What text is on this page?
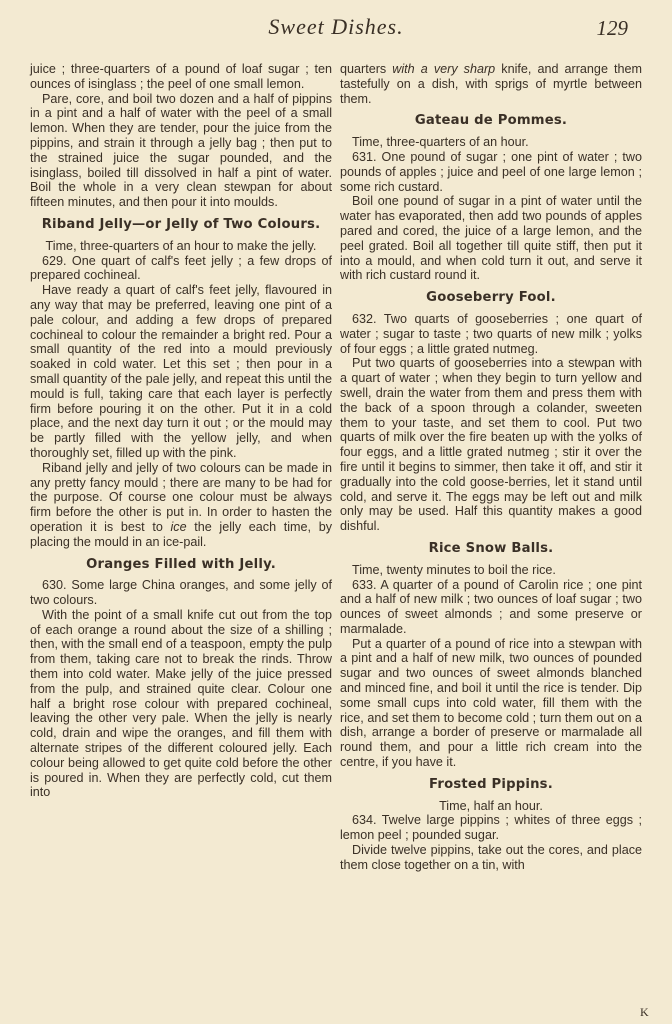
Sweet Dishes.	129

juice ; three-quarters of a pound of loaf sugar ; ten ounces of isinglass ; the peel of one small lemon.

Pare, core, and boil two dozen and a half of pippins in a pint and a half of water with the peel of a small lemon. When they are tender, pour the juice from the pippins, and strain it through a jelly bag ; then put to the strained juice the sugar pounded, and the isinglass, boiled till dissolved in half a pint of water. Boil the whole in a very clean stewpan for about fifteen minutes, and then pour it into moulds.

Riband Jelly—or Jelly of Two Colours.

Time, three-quarters of an hour to make the jelly.

629. One quart of calf's feet jelly ; a few drops of prepared cochineal.

Have ready a quart of calf's feet jelly, flavoured in any way that may be preferred, leaving one pint of a pale colour, and adding a few drops of prepared cochineal to colour the remainder a bright red. Pour a small quantity of the red into a mould previously soaked in cold water. Let this set ; then pour in a small quantity of the pale jelly, and repeat this until the mould is full, taking care that each layer is perfectly firm before pouring it on the other. Put it in a cold place, and the next day turn it out ; or the mould may be partly filled with the yellow jelly, and when thoroughly set, filled up with the pink.

Riband jelly and jelly of two colours can be made in any pretty fancy mould ; there are many to be had for the purpose. Of course one colour must be always firm before the other is put in. In order to hasten the operation it is best to ice the jelly each time, by placing the mould in an ice-pail.

Oranges Filled with Jelly.

630. Some large China oranges, and some jelly of two colours.

With the point of a small knife cut out from the top of each orange a round about the size of a shilling ; then, with the small end of a teaspoon, empty the pulp from them, taking care not to break the rinds. Throw them into cold water. Make jelly of the juice pressed from the pulp, and strained quite clear. Colour one half a bright rose colour with prepared cochineal, leaving the other very pale. When the jelly is nearly cold, drain and wipe the oranges, and fill them with alternate stripes of the different coloured jelly. Each colour being allowed to get quite cold before the other is poured in. When they are perfectly cold, cut them into

quarters with a very sharp knife, and arrange them tastefully on a dish, with sprigs of myrtle between them.

Gateau de Pommes.

Time, three-quarters of an hour.

631. One pound of sugar ; one pint of water ; two pounds of apples ; juice and peel of one large lemon ; some rich custard.

Boil one pound of sugar in a pint of water until the water has evaporated, then add two pounds of apples pared and cored, the juice of a large lemon, and the peel grated. Boil all together till quite stiff, then put it into a mould, and when cold turn it out, and serve it with rich custard round it.

Gooseberry Fool.

632. Two quarts of gooseberries ; one quart of water ; sugar to taste ; two quarts of new milk ; yolks of four eggs ; a little grated nutmeg.

Put two quarts of gooseberries into a stewpan with a quart of water ; when they begin to turn yellow and swell, drain the water from them and press them with the back of a spoon through a colander, sweeten them to your taste, and set them to cool. Put two quarts of milk over the fire beaten up with the yolks of four eggs, and a little grated nutmeg ; stir it over the fire until it begins to simmer, then take it off, and stir it gradually into the cold goose-berries, let it stand until cold, and serve it. The eggs may be left out and milk only may be used. Half this quantity makes a good dishful.

Rice Snow Balls.

Time, twenty minutes to boil the rice.

633. A quarter of a pound of Carolin rice ; one pint and a half of new milk ; two ounces of loaf sugar ; two ounces of sweet almonds ; and some preserve or marmalade.

Put a quarter of a pound of rice into a stewpan with a pint and a half of new milk, two ounces of pounded sugar and two ounces of sweet almonds blanched and minced fine, and boil it until the rice is tender. Dip some small cups into cold water, fill them with the rice, and set them to become cold ; turn them out on a dish, arrange a border of preserve or marmalade all round them, and pour a little rich cream into the centre, if you have it.

Frosted Pippins.

Time, half an hour.

634. Twelve large pippins ; whites of three eggs ; lemon peel ; pounded sugar.

Divide twelve pippins, take out the cores, and place them close together on a tin, with

K
